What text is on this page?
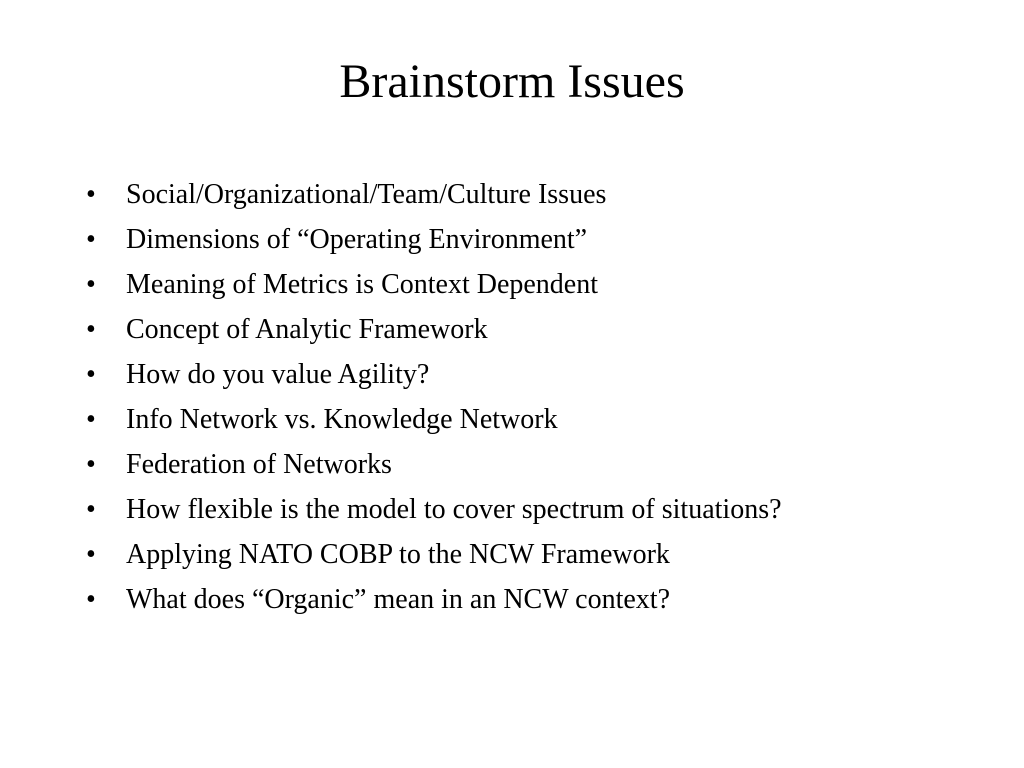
Brainstorm Issues
•	Social/Organizational/Team/Culture Issues
•	Dimensions of “Operating Environment”
•	Meaning of Metrics is Context Dependent
•	Concept of Analytic Framework
•	How do you value Agility?
•	Info Network vs. Knowledge Network
•	Federation of Networks
•	How flexible is the model to cover spectrum of situations?
•	Applying NATO COBP to the NCW Framework
•	What does “Organic” mean in an NCW context?
